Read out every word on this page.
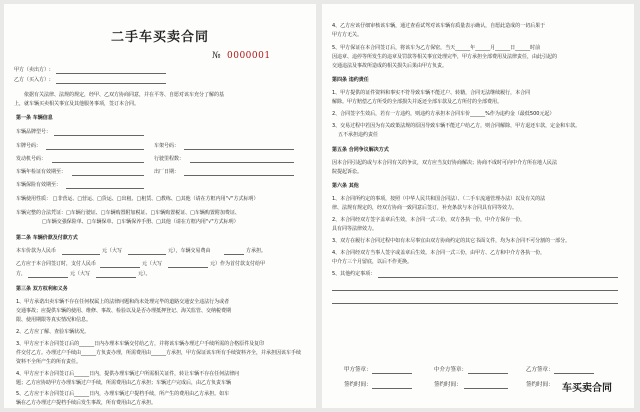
二手车买卖合同
№ 0000001
甲方（卖出方）:
乙方（买入方）:
依据有关法律、法规的规定，经甲、乙双方协商同意，并在平等、自愿对该车充分了解的基
上，就车辆买卖相关事宜及其他服务事项，签订本合同。
第一条 车辆信息
车辆品牌型号：
车牌号码：	车架号码：
发动机号码：	行驶里程数：
车辆年检证有效期至：	出厂日期：
车辆保险有效期至：
车辆使用性质： □非营运、□营运、□货运、□出租、□租赁、□教练、□其他（请在方框内用"√"方式标明）
车辆完整的合法凭证：□车辆行驶证、□车辆购置附加税证、□车辆购置税证、□车辆购置附加费证、
□车辆交强保险单、□车辆保单、□车辆保养手册、□其他（请在方框内用"√"方式标明）
第二条 车辆价款及付款方式
本车价款为人民币	元（大写	元），车辆交易费由	方承担。
乙方应于本合同签订时，支付人民币	元（大写	元）作为首付款支付给甲
方，	元（大写	元）。
第三条 双方权利和义务
1、甲方承诺出卖车辆不存在任何权属上的法律问题和尚未处理完毕的道路交通安全违法行为或者
交通事故；应提供车辆的使用、维修、事故、检验以及是否办理抵押登记、海关监管、交纳税费期
限、使用期限等真实情况和信息。
2、乙方应了解、查验车辆状况。
3、甲方应于本合同签订后的______日内办理本车辆交付给乙方，并将该车辆办理过户手续所需的合格原件及复印
件交付乙方。办理过户手续由______方负责办理，所需费用由______方承担，甲方保证该车所有手续资料齐全，并承担因该车手续
资料不全所产生的所有责任。
4、甲方应于本合同签订后______日内，提供办理车辆过户所需相关证件，转让车辆不存在任何法律问
题；乙方应协助甲方办理车辆过户手续，所需费用由乙方承担；车辆过户完成后，由乙方负责车辆
5、乙方应于本合同签订后______日内，办理车辆过户提档手续，所产生的费用由乙方承担。如车
辆在乙方办理过户提档手续后发生事故，所有费用由乙方承担。
4、乙方应该仔细审核该车辆，通过查看试驾对该车辆有质量表示确认，自愿此造成的一切后果于
甲方方无关。
5、甲方保证在本合同签订后，将该车为乙方保密，当天______年______月______日______时前
因违章、违停等所发生的违章及罚款等相关事宜处理完毕，甲方承担全部费用及法律责任，由此引起的
交通违法及事故所造成的相关损失后果由甲方负责。
第四条 违约责任
1、甲方提供的证件资料和事实不符导致车辆不能过户、转籍，合同无法继续履行，本合同
解除。甲方赔偿乙方所受的全部损失并返还全部车款及乙方所付的全部费用。
2、合同签字生效后，若有一方违约，则违约方承担本合同车价______%作为违约金（最低500元起）
3、交易过程中若因为有关政策法规的原因导致车辆不能过户给乙方，则合同解除，甲方退还车款，定金和车款。
五不承担违约责任
第五条 合同争议解决方式
因本合同引起的或与本合同有关的争议，双方应当友好协商解决；协商不成时可向中介方所在地人民法
院提起诉讼。
第六条 其他
1、本合同所约定的事项，按照（中华人民共和国合同法）、（二手车流通管理办法）以及有关的法
律、法规有规定的，经双方协商一致同意后签订，补充条款与本合同具有同等效力。
2、本合同经双方签字盖章后生效，本合同一式三份，双方各执一份，中介方保存一份，
具有同等法律效力。
3、双方在履行本合同过程中如有未尽事宜由双方协商约定的其它书面文件，均为本合同不可分割的一部分。
4、本合同经双方当事人签字或盖章后生效。本合同一式三份，由甲方、乙方和中介方各执一份，
中介方三个月留底，以后不作更换。
5、其他约定事项：
甲方签章：	中介方签章：	乙方签章：
签约时间：	签约时间：	签约时间： 车买卖合同
